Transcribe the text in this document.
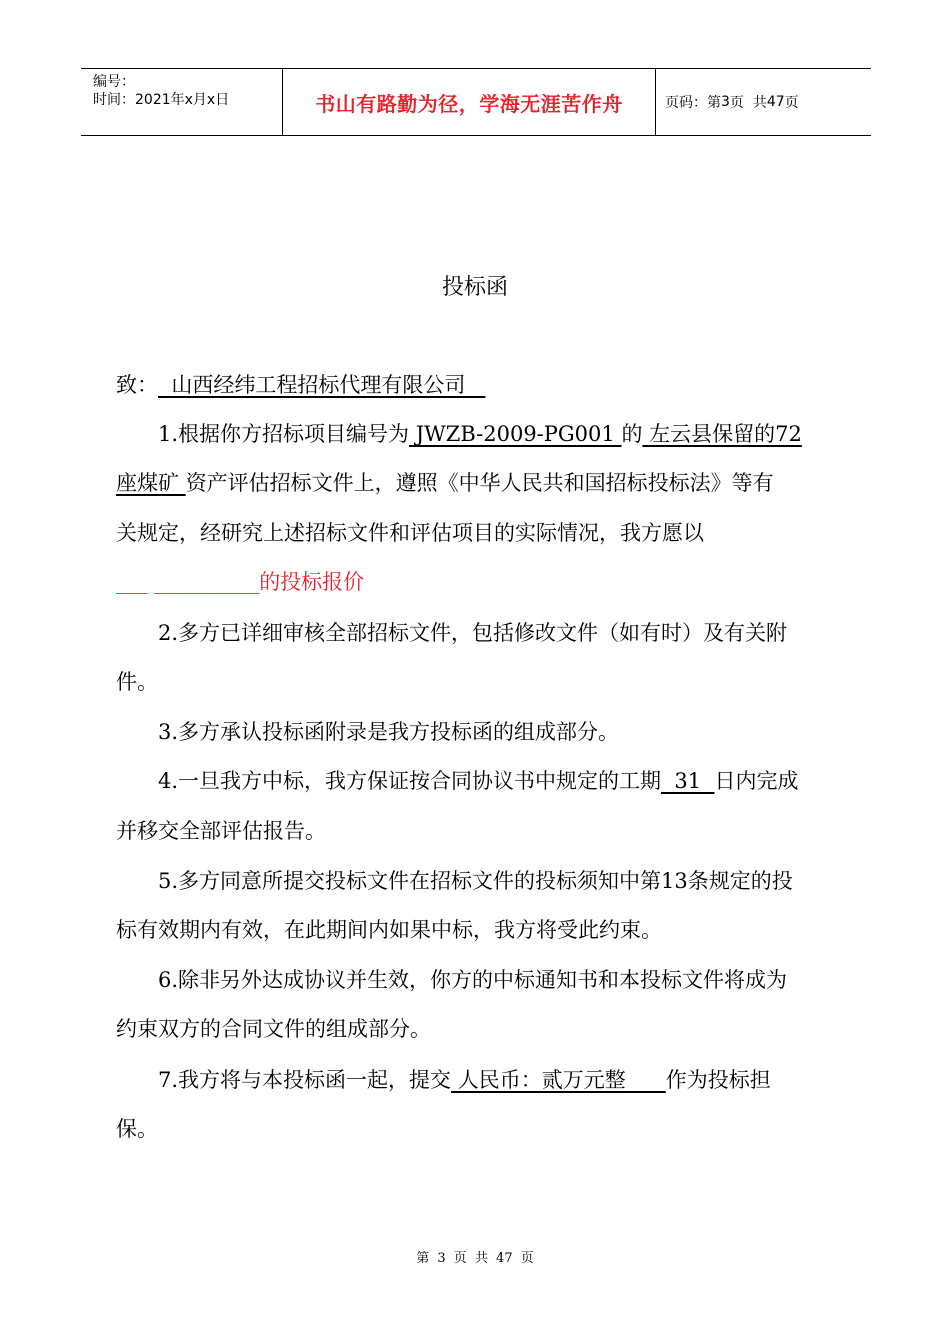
编号：
时间：2021年x月x日	书山有路勤为径，学海无涯苦作舟	页码：第 3 页  共 47 页
投标函
致：  山西经纬工程招标代理有限公司
1.根据你方招标项目编号为 JWZB-2009-PG001 的 左云县保留的72
座煤矿 资产评估招标文件上，遵照《中华人民共和国招标投标法》等有
关规定，经研究上述招标文件和评估项目的实际情况，我方愿以
___ __________的投标报价
2.多方已详细审核全部招标文件，包括修改文件（如有时）及有关附
件。
3.多方承认投标函附录是我方投标函的组成部分。
4.一旦我方中标，我方保证按合同协议书中规定的工期  31  日内完成
并移交全部评估报告。
5.多方同意所提交投标文件在招标文件的投标须知中第13条规定的投
标有效期内有效，在此期间内如果中标，我方将受此约束。
6.除非另外达成协议并生效，你方的中标通知书和本投标文件将成为
约束双方的合同文件的组成部分。
7.我方将与本投标函一起，提交 人民币：贰万元整      作为投标担
保。
第 3 页 共 47 页
